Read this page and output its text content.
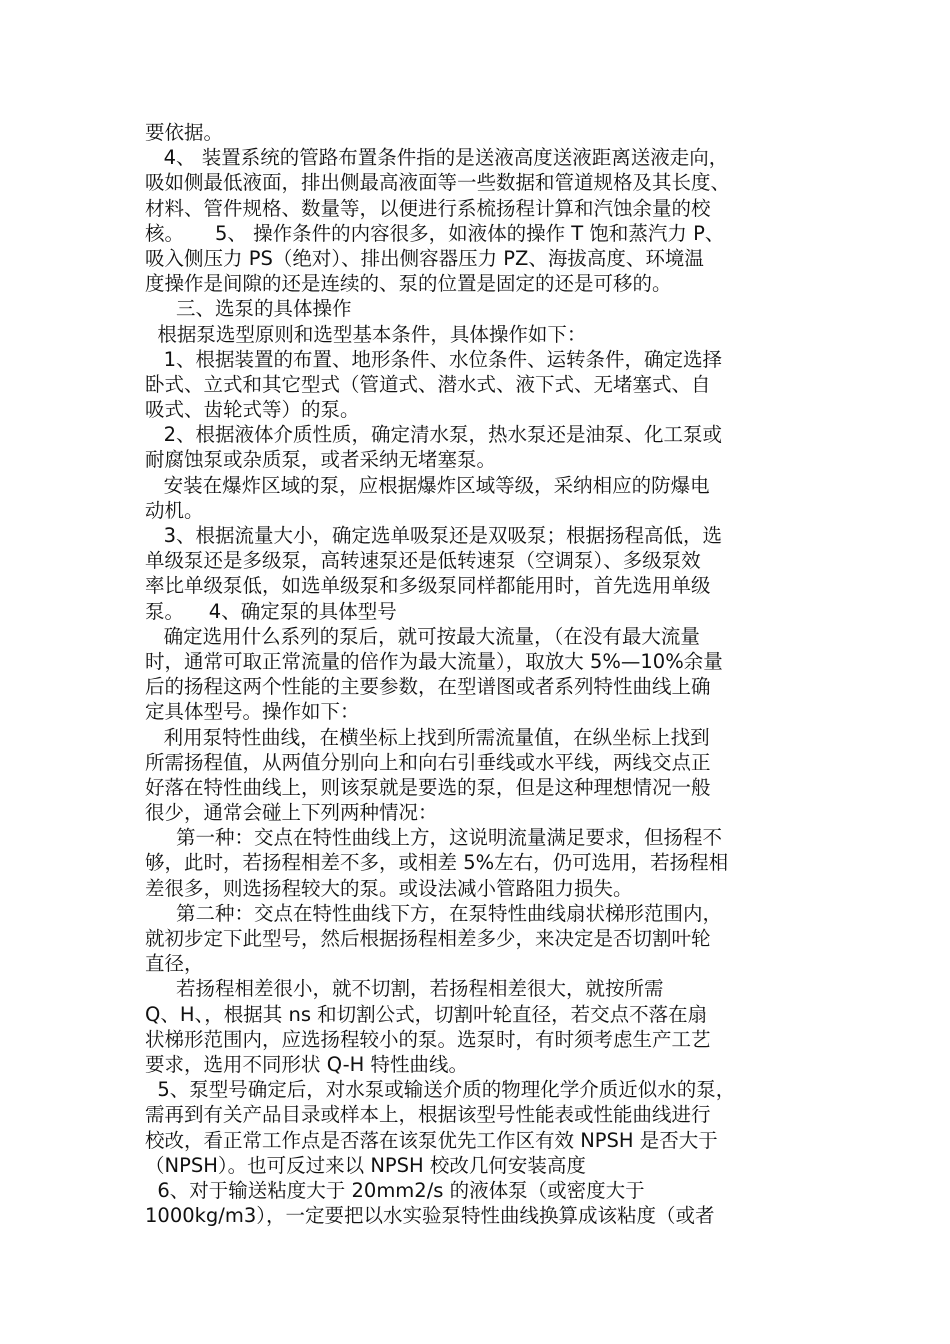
要依据。
4、 装置系统的管路布置条件指的是送液高度送液距离送液走向，
吸如侧最低液面，排出侧最高液面等一些数据和管道规格及其长度、
材料、管件规格、数量等，以便进行系梳扬程计算和汽蚀余量的校
核。     5、 操作条件的内容很多，如液体的操作 T 饱和蒸汽力 P、
吸入侧压力 PS（绝对）、排出侧容器压力 PZ、海拔高度、环境温
度操作是间隙的还是连续的、泵的位置是固定的还是可移的。
三、选泵的具体操作
根据泵选型原则和选型基本条件，具体操作如下：
1、根据装置的布置、地形条件、水位条件、运转条件，确定选择
卧式、立式和其它型式（管道式、潜水式、液下式、无堵塞式、自
吸式、齿轮式等）的泵。
2、根据液体介质性质，确定清水泵，热水泵还是油泵、化工泵或
耐腐蚀泵或杂质泵，或者采纳无堵塞泵。
安装在爆炸区域的泵，应根据爆炸区域等级，采纳相应的防爆电
动机。
3、根据流量大小，确定选单吸泵还是双吸泵；根据扬程高低，选
单级泵还是多级泵，高转速泵还是低转速泵（空调泵）、多级泵效
率比单级泵低，如选单级泵和多级泵同样都能用时，首先选用单级
泵。    4、确定泵的具体型号
确定选用什么系列的泵后，就可按最大流量，（在没有最大流量
时，通常可取正常流量的倍作为最大流量），取放大 5%—10%余量
后的扬程这两个性能的主要参数，在型谱图或者系列特性曲线上确
定具体型号。操作如下：
利用泵特性曲线，在横坐标上找到所需流量值，在纵坐标上找到
所需扬程值，从两值分别向上和向右引垂线或水平线，两线交点正
好落在特性曲线上，则该泵就是要选的泵，但是这种理想情况一般
很少，通常会碰上下列两种情况：
第一种：交点在特性曲线上方，这说明流量满足要求，但扬程不
够，此时，若扬程相差不多，或相差 5%左右，仍可选用，若扬程相
差很多，则选扬程较大的泵。或设法减小管路阻力损失。
第二种：交点在特性曲线下方，在泵特性曲线扇状梯形范围内，
就初步定下此型号，然后根据扬程相差多少，来决定是否切割叶轮
直径，
若扬程相差很小，就不切割，若扬程相差很大，就按所需
Q、H、，根据其 ns 和切割公式，切割叶轮直径，若交点不落在扇
状梯形范围内，应选扬程较小的泵。选泵时，有时须考虑生产工艺
要求，选用不同形状 Q-H 特性曲线。
5、泵型号确定后，对水泵或输送介质的物理化学介质近似水的泵，
需再到有关产品目录或样本上，根据该型号性能表或性能曲线进行
校改，看正常工作点是否落在该泵优先工作区有效 NPSH 是否大于
（NPSH）。也可反过来以 NPSH 校改几何安装高度
6、对于输送粘度大于 20mm2/s 的液体泵（或密度大于
1000kg/m3），一定要把以水实验泵特性曲线换算成该粘度（或者
